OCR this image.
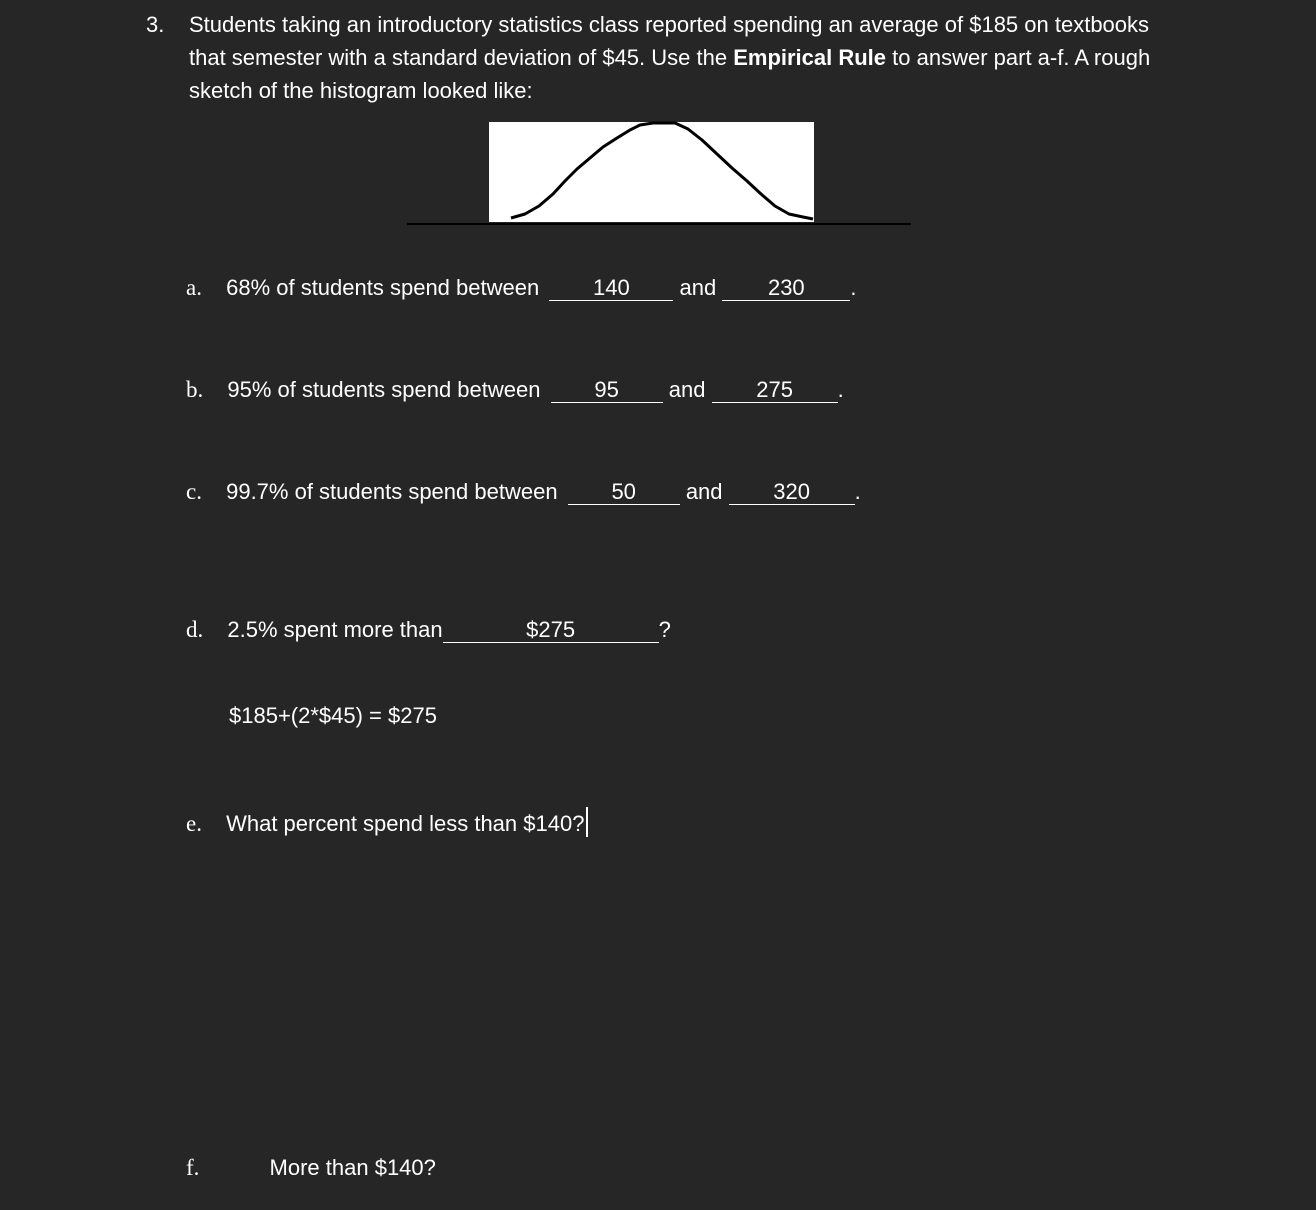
3. Students taking an introductory statistics class reported spending an average of $185 on textbooks that semester with a standard deviation of $45. Use the Empirical Rule to answer part a-f. A rough sketch of the histogram looked like:
a. 68% of students spend between 140 and 230 .
b. 95% of students spend between 95 and 275 .
c. 99.7% of students spend between 50 and 320 .
d. 2.5% spent more than	$275	?
$185+(2*$45) = $275
e. What percent spend less than $140?
f.	More than $140?
